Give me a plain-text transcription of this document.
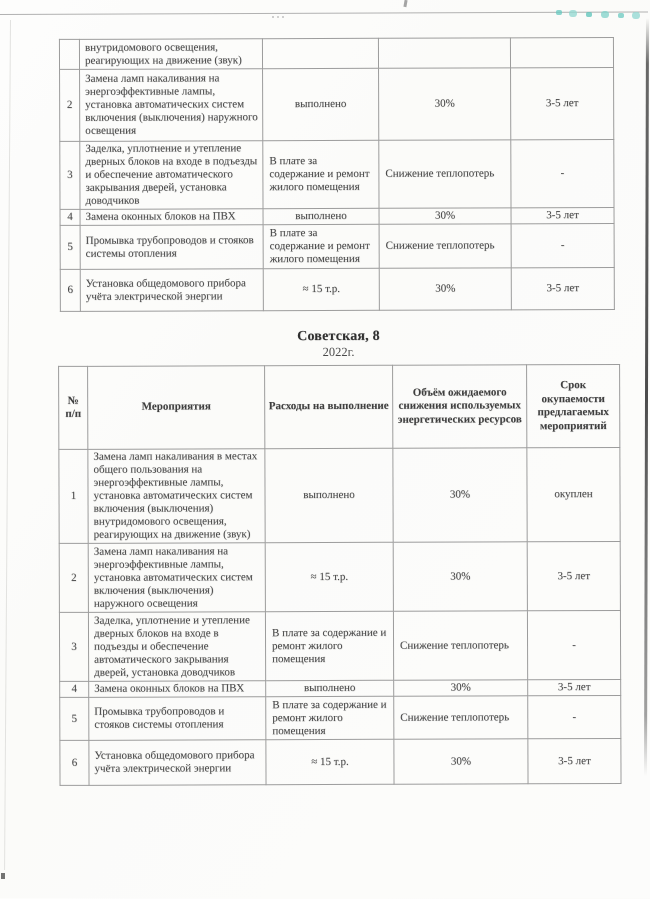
	внутридомового освещения, реагирующих на движение (звук)			
2	Замена ламп накаливания на энергоэффективные лампы, установка автоматических систем включения (выключения) наружного освещения	выполнено	30%	3-5 лет
3	Заделка, уплотнение и утепление дверных блоков на входе в подъезды и обеспечение автоматического закрывания дверей, установка доводчиков	В плате за содержание и ремонт жилого помещения	Снижение теплопотерь	-
4	Замена оконных блоков на ПВХ	выполнено	30%	3-5 лет
5	Промывка трубопроводов и стояков системы отопления	В плате за содержание и ремонт жилого помещения	Снижение теплопотерь	-
6	Установка общедомового прибора учёта электрической энергии	≈ 15 т.р.	30%	3-5 лет
Советская, 8
2022г.
№ п/п	Мероприятия	Расходы на выполнение	Объём ожидаемого снижения используемых энергетических ресурсов	Срок окупаемости предлагаемых мероприятий
1	Замена ламп накаливания в местах общего пользования на энергоэффективные лампы, установка автоматических систем включения (выключения) внутридомового освещения, реагирующих на движение (звук)	выполнено	30%	окуплен
2	Замена ламп накаливания на энергоэффективные лампы, установка автоматических систем включения (выключения) наружного освещения	≈ 15 т.р.	30%	3-5 лет
3	Заделка, уплотнение и утепление дверных блоков на входе в подъезды и обеспечение автоматического закрывания дверей, установка доводчиков	В плате за содержание и ремонт жилого помещения	Снижение теплопотерь	-
4	Замена оконных блоков на ПВХ	выполнено	30%	3-5 лет
5	Промывка трубопроводов и стояков системы отопления	В плате за содержание и ремонт жилого помещения	Снижение теплопотерь	-
6	Установка общедомового прибора учёта электрической энергии	≈ 15 т.р.	30%	3-5 лет
